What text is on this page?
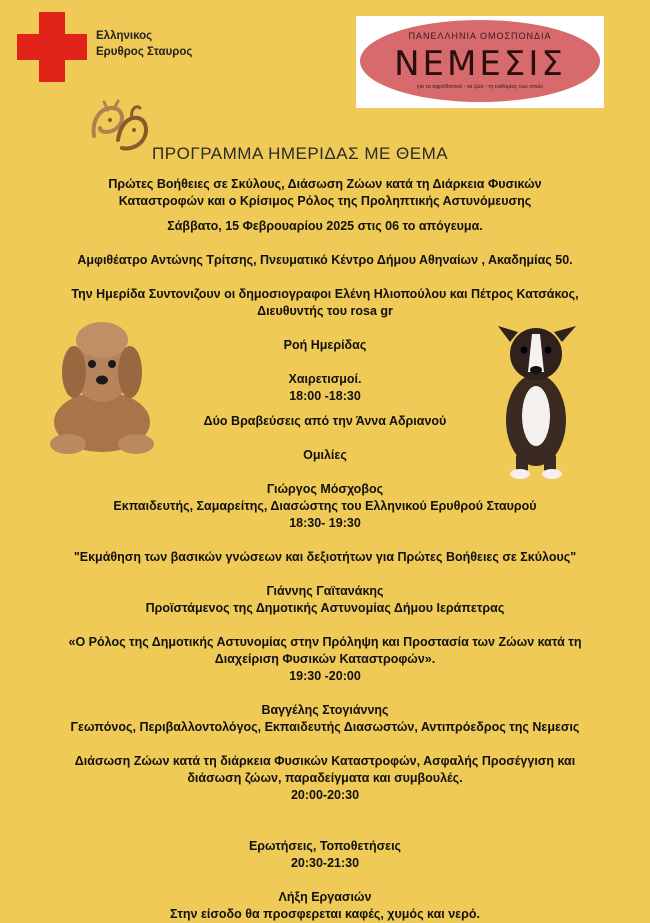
Ελληνικος
Ερυθρος Σταυρος
ΠΑΝΕΛΛΗΝΙΑ ΟΜΟΣΠΟΝΔΙΑ
ΝΕΜΕΣΙΣ
για τα αφρόδιστικά - τα ζώα - τη καθομίας των σιτών
ΠΡΟΓΡΑΜΜΑ ΗΜΕΡΙΔΑΣ ΜΕ ΘΕΜΑ
Πρώτες Βοήθειες σε Σκύλους, Διάσωση Ζώων κατά τη Διάρκεια Φυσικών
Καταστροφών και ο Κρίσιμος Ρόλος της Προληπτικής Αστυνόμευσης
Σάββατο, 15 Φεβρουαρίου 2025 στις 06 το απόγευμα.
Αμφιθέατρο Αντώνης Τρίτσης, Πνευματικό Κέντρο Δήμου Αθηναίων , Ακαδημίας 50.
Την Ημερίδα Συντονιζουν οι δημοσιογραφοι Ελένη Ηλιοπούλου και Πέτρος Κατσάκος,
Διευθυντής του rosa gr
Ροή Ημερίδας
Χαιρετισμοί.
18:00 -18:30
Δύο Βραβεύσεις από την Άννα Αδριανού
Ομιλίες
Γιώργος Μόσχοβος
Εκπαιδευτής, Σαμαρείτης, Διασώστης του Ελληνικού Ερυθρού Σταυρού
18:30- 19:30
"Εκμάθηση των βασικών γνώσεων και δεξιοτήτων για Πρώτες Βοήθειες σε Σκύλους"
Γιάννης Γαϊτανάκης
Προϊστάμενος της Δημοτικής Αστυνομίας Δήμου Ιεράπετρας
«Ο Ρόλος της Δημοτικής Αστυνομίας στην Πρόληψη και Προστασία των Ζώων κατά τη
Διαχείριση Φυσικών Καταστροφών».
19:30 -20:00
Βαγγέλης Στογιάννης
Γεωπόνος, Περιβαλλοντολόγος, Εκπαιδευτής Διασωστών, Αντιπρόεδρος της Νεμεσις
Διάσωση Ζώων κατά τη διάρκεια Φυσικών Καταστροφών, Ασφαλής Προσέγγιση και
διάσωση ζώων, παραδείγματα και συμβουλές.
20:00-20:30
Ερωτήσεις, Τοποθετήσεις
20:30-21:30
Λήξη Εργασιών
Στην είσοδο θα προσφερεται καφές, χυμός και νερό.
